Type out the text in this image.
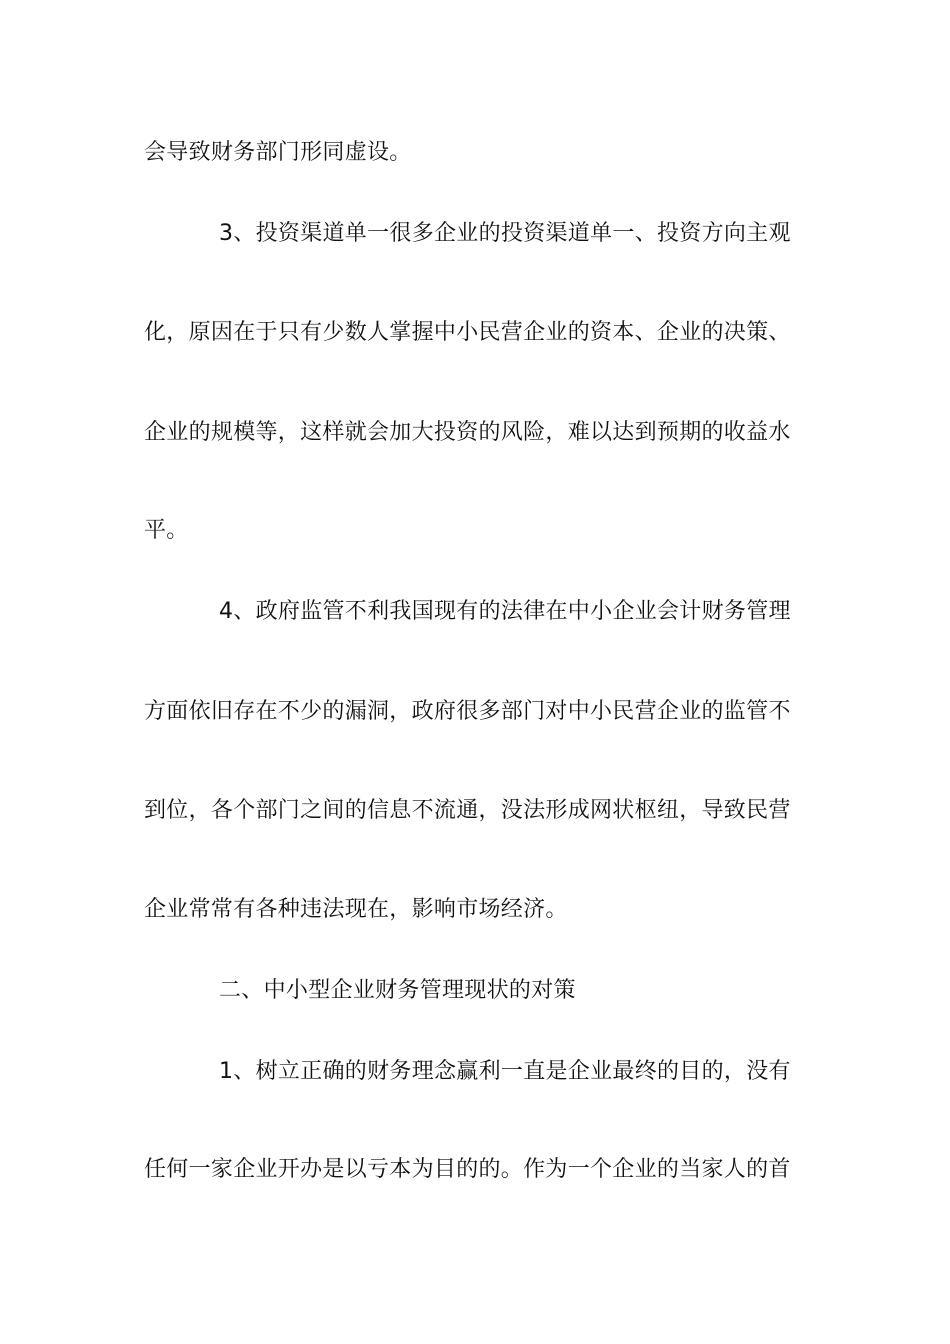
会导致财务部门形同虚设。
3、投资渠道单一很多企业的投资渠道单一、投资方向主观
化，原因在于只有少数人掌握中小民营企业的资本、企业的决策、
企业的规模等，这样就会加大投资的风险，难以达到预期的收益水
平。
4、政府监管不利我国现有的法律在中小企业会计财务管理
方面依旧存在不少的漏洞，政府很多部门对中小民营企业的监管不
到位，各个部门之间的信息不流通，没法形成网状枢纽，导致民营
企业常常有各种违法现在，影响市场经济。
二、中小型企业财务管理现状的对策
1、树立正确的财务理念赢利一直是企业最终的目的，没有
任何一家企业开办是以亏本为目的的。作为一个企业的当家人的首
